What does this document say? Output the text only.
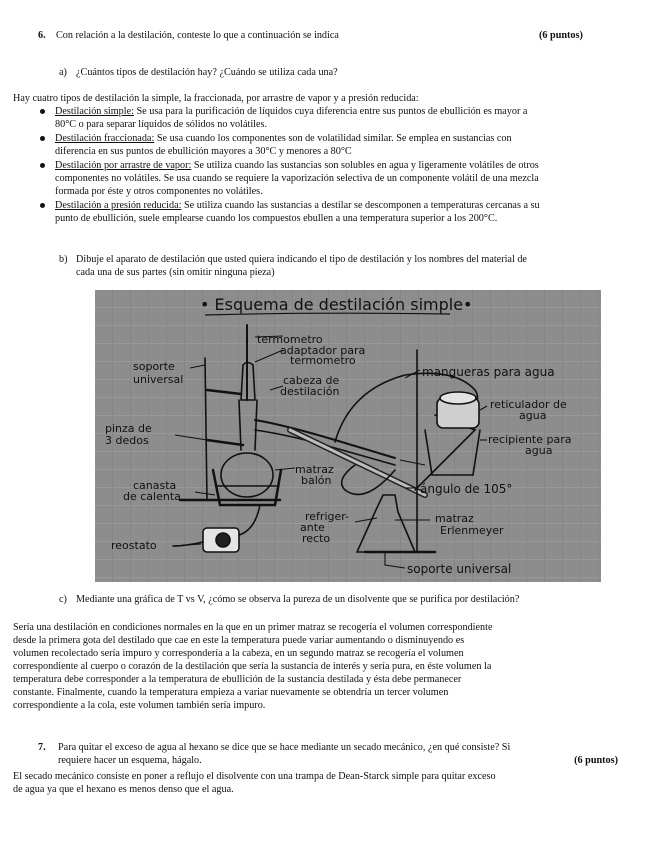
6. Con relación a la destilación, conteste lo que a continuación se indica	(6 puntos)
a) ¿Cuántos tipos de destilación hay? ¿Cuándo se utiliza cada una?
Hay cuatro tipos de destilación la simple, la fraccionada, por arrastre de vapor y a presión reducida:
Destilación simple: Se usa para la purificación de líquidos cuya diferencia entre sus puntos de ebullición es mayor a
80°C o para separar líquidos de sólidos no volátiles.
Destilación fraccionada: Se usa cuando los componentes son de volatilidad similar. Se emplea en sustancias con
diferencia en sus puntos de ebullición mayores a 30°C y menores a 80°C
Destilación por arrastre de vapor: Se utiliza cuando las sustancias son solubles en agua y ligeramente volátiles de otros
componentes no volátiles. Se usa cuando se requiere la vaporización selectiva de un componente volátil de una mezcla
formada por éste y otros componentes no volátiles.
Destilación a presión reducida: Se utiliza cuando las sustancias a destilar se descomponen a temperaturas cercanas a su
punto de ebullición, suele emplearse cuando los compuestos ebullen a una temperatura superior a los 200°C.
b) Dibuje el aparato de destilación que usted quiera indicando el tipo de destilación y los nombres del material de
cada una de sus partes (sin omitir ninguna pieza)
• Esquema de destilación simple•
termometro
adaptador para
termometro
soporte
universal	cabeza de
destilación
mangueras para agua
reticulador de
agua
pinza de
3 dedos	recipiente para
agua
matraz
balón
canasta
de calenta.
ángulo de 105°
refriger-
ante
recto
matraz
Erlenmeyer
reostato
soporte universal
c) Mediante una gráfica de T vs V, ¿cómo se observa la pureza de un disolvente que se purifica por destilación?
Sería una destilación en condiciones normales en la que en un primer matraz se recogería el volumen correspondiente
desde la primera gota del destilado que cae en este la temperatura puede variar aumentando o disminuyendo es
volumen recolectado sería impuro y correspondería a la cabeza, en un segundo matraz se recogería el volumen
correspondiente al cuerpo o corazón de la destilación que sería la sustancia de interés y sería pura, en éste volumen la
temperatura debe corresponder a la temperatura de ebullición de la sustancia destilada y ésta debe permanecer
constante. Finalmente, cuando la temperatura empieza a variar nuevamente se obtendría un tercer volumen
correspondiente a la cola, este volumen también sería impuro.
7. Para quitar el exceso de agua al hexano se dice que se hace mediante un secado mecánico, ¿en qué consiste? Si
requiere hacer un esquema, hágalo.	(6 puntos)
El secado mecánico consiste en poner a reflujo el disolvente con una trampa de Dean-Starck simple para quitar exceso
de agua ya que el hexano es menos denso que el agua.
